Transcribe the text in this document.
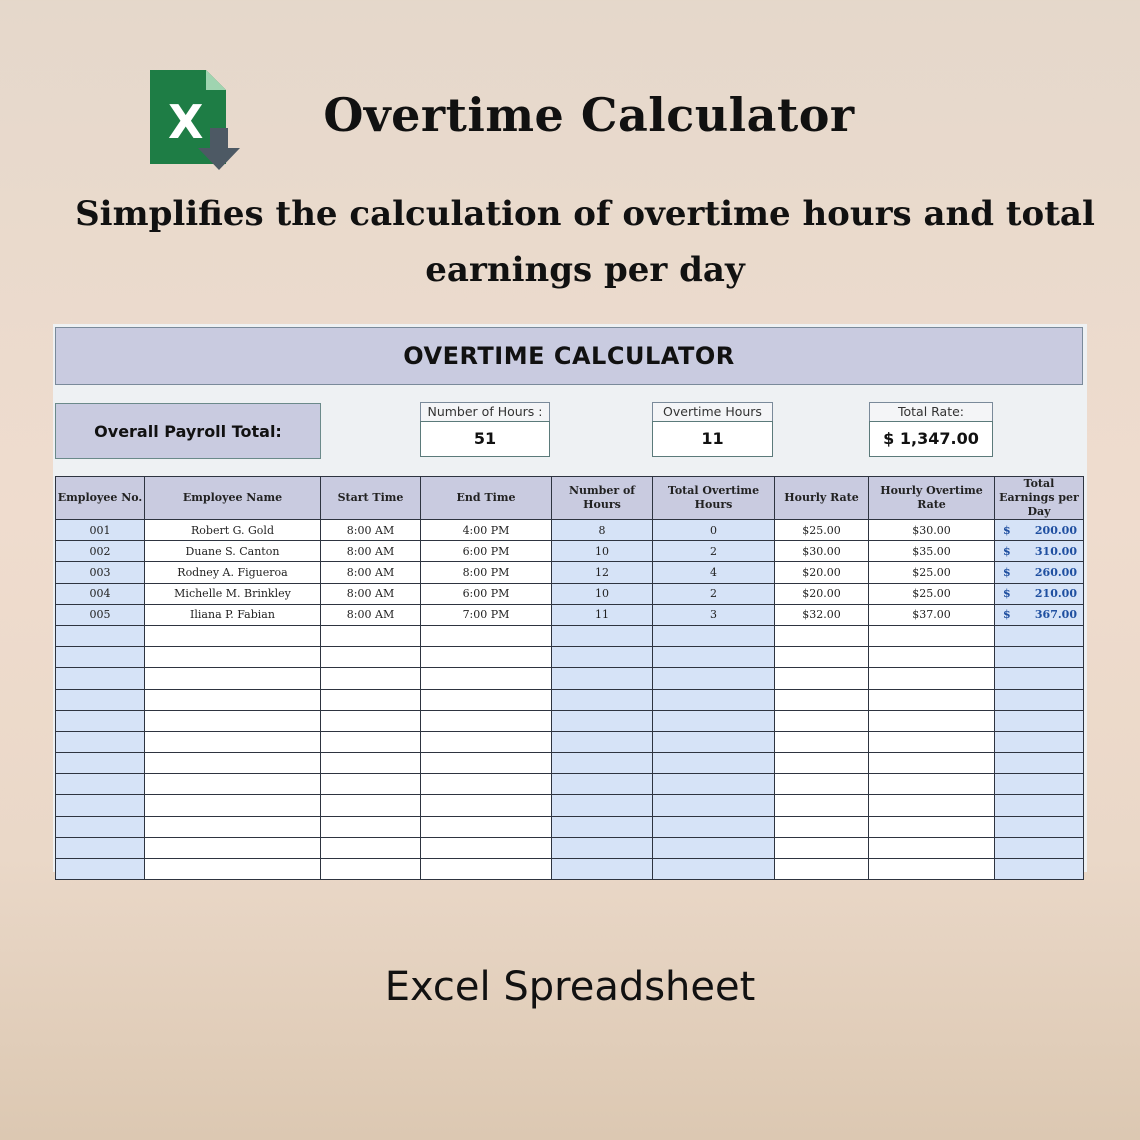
X	Overtime Calculator
Simplifies the calculation of overtime hours and total earnings per day
OVERTIME CALCULATOR
Overall Payroll Total:
Number of Hours :
51
Overtime Hours
11
Total Rate:
$ 1,347.00
Employee No.	Employee Name	Start Time	End Time	Number of Hours	Total Overtime Hours	Hourly Rate	Hourly Overtime Rate	Total Earnings per Day
001	Robert G. Gold	8:00 AM	4:00 PM	8	0	$25.00	$30.00	$ 200.00

002	Duane S. Canton	8:00 AM	6:00 PM	10	2	$30.00	$35.00	$ 310.00

003	Rodney A. Figueroa	8:00 AM	8:00 PM	12	4	$20.00	$25.00	$ 260.00

004	Michelle M. Brinkley	8:00 AM	6:00 PM	10	2	$20.00	$25.00	$ 210.00

005	Iliana P. Fabian	8:00 AM	7:00 PM	11	3	$32.00	$37.00	$ 367.00

Excel Spreadsheet
